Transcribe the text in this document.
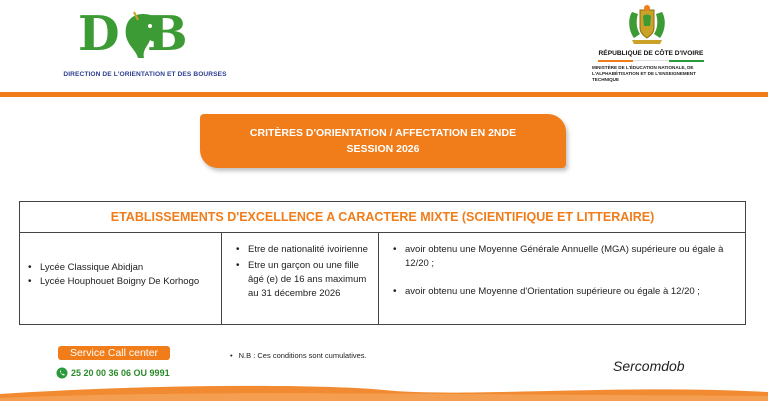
D B
DIRECTION DE L'ORIENTATION ET DES BOURSES
RÉPUBLIQUE DE CÔTE D'IVOIRE
MINISTÈRE DE L'ÉDUCATION NATIONALE, DE L'ALPHABÉTISATION ET DE L'ENSEIGNEMENT TECHNIQUE
CRITÈRES D'ORIENTATION / AFFECTATION EN 2NDE
SESSION 2026
ETABLISSEMENTS D'EXCELLENCE A CARACTERE MIXTE (SCIENTIFIQUE ET LITTERAIRE)
• Lycée Classique Abidjan
• Lycée Houphouet Boigny De Korhogo
• Etre de nationalité ivoirienne
• Etre un garçon ou une fille âgé (e) de 16 ans maximum au 31 décembre 2026
• avoir obtenu une Moyenne Générale Annuelle (MGA) supérieure ou égale à 12/20 ;
• avoir obtenu une Moyenne d'Orientation supérieure ou égale à 12/20 ;
Service Call center
25 20 00 36 06 OU 9991
• N.B : Ces conditions sont cumulatives.
Sercomdob
